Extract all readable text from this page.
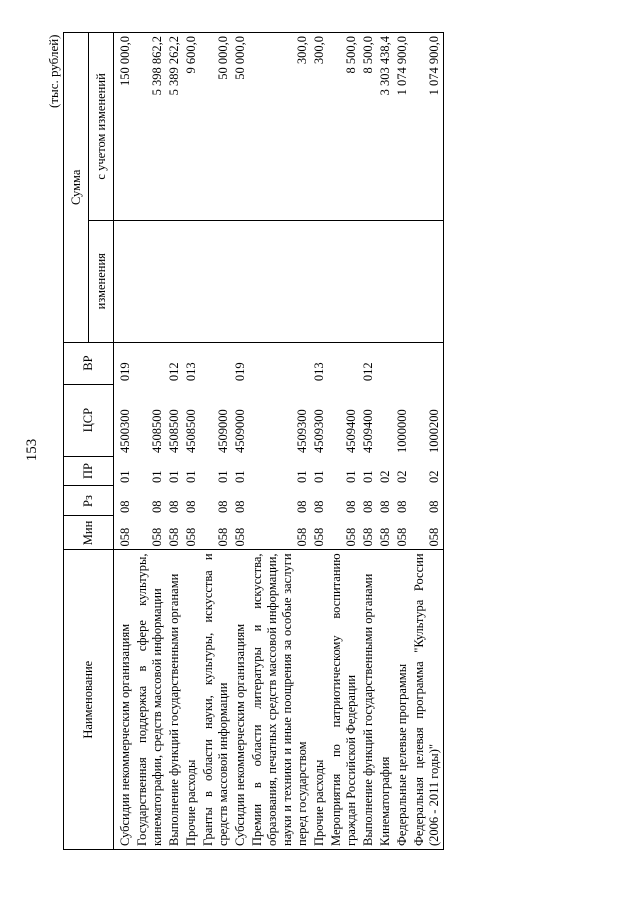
153
(тыс. рублей)
Наименование	Мин	Рз	ПР	ЦСР	ВР	Сумма	
						изменения	с учетом изменений
Субсидии некоммерческим организациям	058	08	01	4500300	019		150 000,0
Государственная поддержка в сфере культуры, кинематографии, средств массовой информации	058	08	01	4508500			5 398 862,2
Выполнение функций государственными органами	058	08	01	4508500	012		5 389 262,2
Прочие расходы	058	08	01	4508500	013		9 600,0
Гранты в области науки, культуры, искусства и средств массовой информации	058	08	01	4509000			50 000,0
Субсидии некоммерческим организациям	058	08	01	4509000	019		50 000,0
Премии в области литературы и искусства, образования, печатных средств массовой информации, науки и техники и иные поощрения за особые заслуги перед государством	058	08	01	4509300			300,0
Прочие расходы	058	08	01	4509300	013		300,0
Мероприятия по патриотическому воспитанию граждан Российской Федерации	058	08	01	4509400			8 500,0
Выполнение функций государственными органами	058	08	01	4509400	012		8 500,0
Кинематография	058	08	02				3 303 438,4
Федеральные целевые программы	058	08	02	1000000			1 074 900,0
Федеральная целевая программа "Культура России (2006 - 2011 годы)"	058	08	02	1000200			1 074 900,0
